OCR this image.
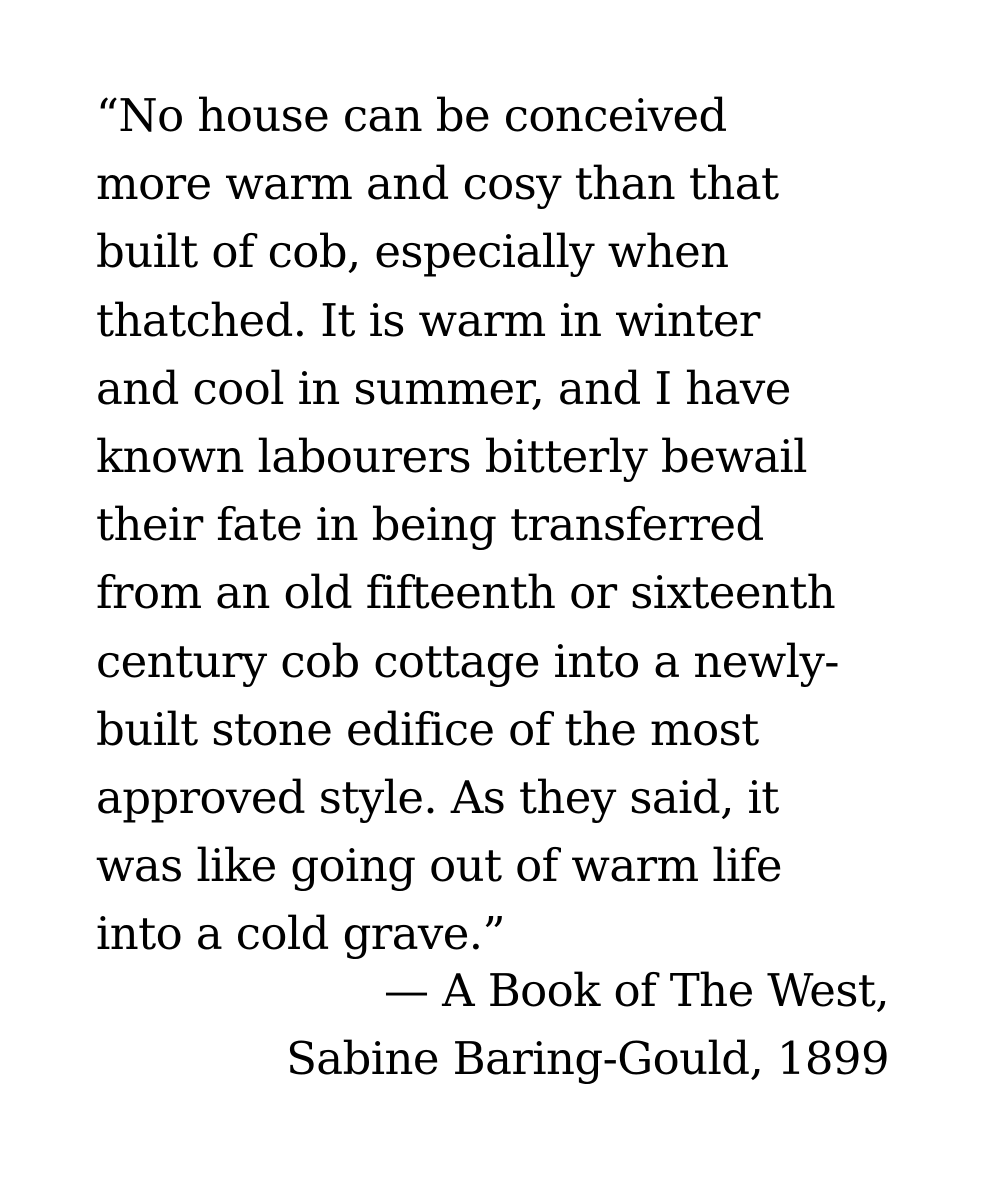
“No house can be conceived
more warm and cosy than that
built of cob, especially when
thatched. It is warm in winter
and cool in summer, and I have
known labourers bitterly bewail
their fate in being transferred
from an old fifteenth or sixteenth
century cob cottage into a newly-
built stone edifice of the most
approved style. As they said, it
was like going out of warm life
into a cold grave.”
— A Book of The West,
Sabine Baring-Gould, 1899
